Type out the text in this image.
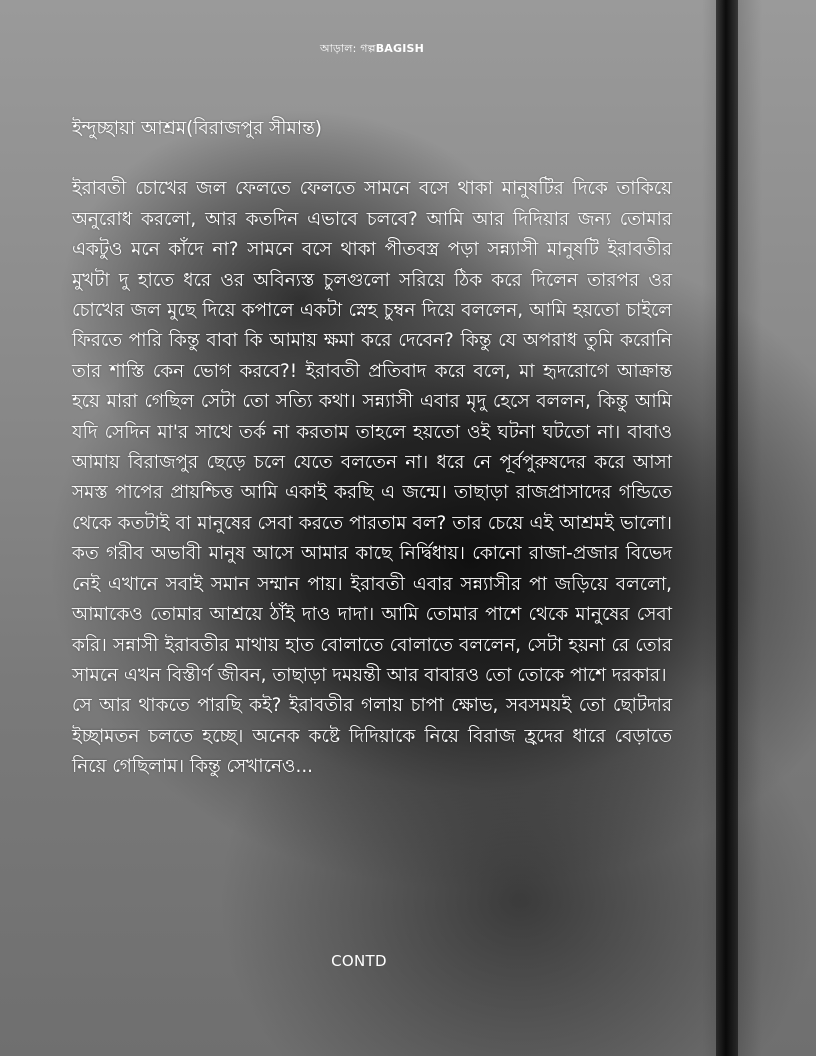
আড়াল: গল্পBAGISH
ইন্দুচ্ছায়া আশ্রম(বিরাজপুর সীমান্ত)

ইরাবতী চোখের জল ফেলতে ফেলতে সামনে বসে থাকা মানুষটির দিকে তাকিয়ে অনুরোধ করলো, আর কতদিন এভাবে চলবে? আমি আর দিদিয়ার জন্য তোমার একটুও মনে কাঁদে না? সামনে বসে থাকা পীতবস্ত্র পড়া সন্ন্যাসী মানুষটি ইরাবতীর মুখটা দু হাতে ধরে ওর অবিন্যস্ত চুলগুলো সরিয়ে ঠিক করে দিলেন তারপর ওর চোখের জল মুছে দিয়ে কপালে একটা স্নেহ চুম্বন দিয়ে বললেন, আমি হয়তো চাইলে ফিরতে পারি কিন্তু বাবা কি আমায় ক্ষমা করে দেবেন? কিন্তু যে অপরাধ তুমি করোনি তার শাস্তি কেন ভোগ করবে?! ইরাবতী প্রতিবাদ করে বলে, মা হৃদরোগে আক্রান্ত হয়ে মারা গেছিল সেটা তো সত্যি কথা। সন্ন্যাসী এবার মৃদু হেসে বললন, কিন্তু আমি যদি সেদিন মা'র সাথে তর্ক না করতাম তাহলে হয়তো ওই ঘটনা ঘটতো না। বাবাও আমায় বিরাজপুর ছেড়ে চলে যেতে বলতেন না। ধরে নে পূর্বপুরুষদের করে আসা সমস্ত পাপের প্রায়শ্চিত্ত আমি একাই করছি এ জন্মে। তাছাড়া রাজপ্রাসাদের গন্ডিতে থেকে কতটাই বা মানুষের সেবা করতে পারতাম বল? তার চেয়ে এই আশ্রমই ভালো। কত গরীব অভাবী মানুষ আসে আমার কাছে নির্দ্বিধায়। কোনো রাজা-প্রজার বিভেদ নেই এখানে সবাই সমান সম্মান পায়। ইরাবতী এবার সন্ন্যাসীর পা জড়িয়ে বললো, আমাকেও তোমার আশ্রয়ে ঠাঁই দাও দাদা। আমি তোমার পাশে থেকে মানুষের সেবা করি। সন্নাসী ইরাবতীর মাথায় হাত বোলাতে বোলাতে বললেন, সেটা হয়না রে তোর সামনে এখন বিস্তীর্ণ জীবন, তাছাড়া দময়ন্তী আর বাবারও তো তোকে পাশে দরকার।

সে আর থাকতে পারছি কই? ইরাবতীর গলায় চাপা ক্ষোভ, সবসময়ই তো ছোটদার ইচ্ছামতন চলতে হচ্ছে। অনেক কষ্টে দিদিয়াকে নিয়ে বিরাজ হ্রদের ধারে বেড়াতে নিয়ে গেছিলাম। কিন্তু সেখানেও...

CONTD
